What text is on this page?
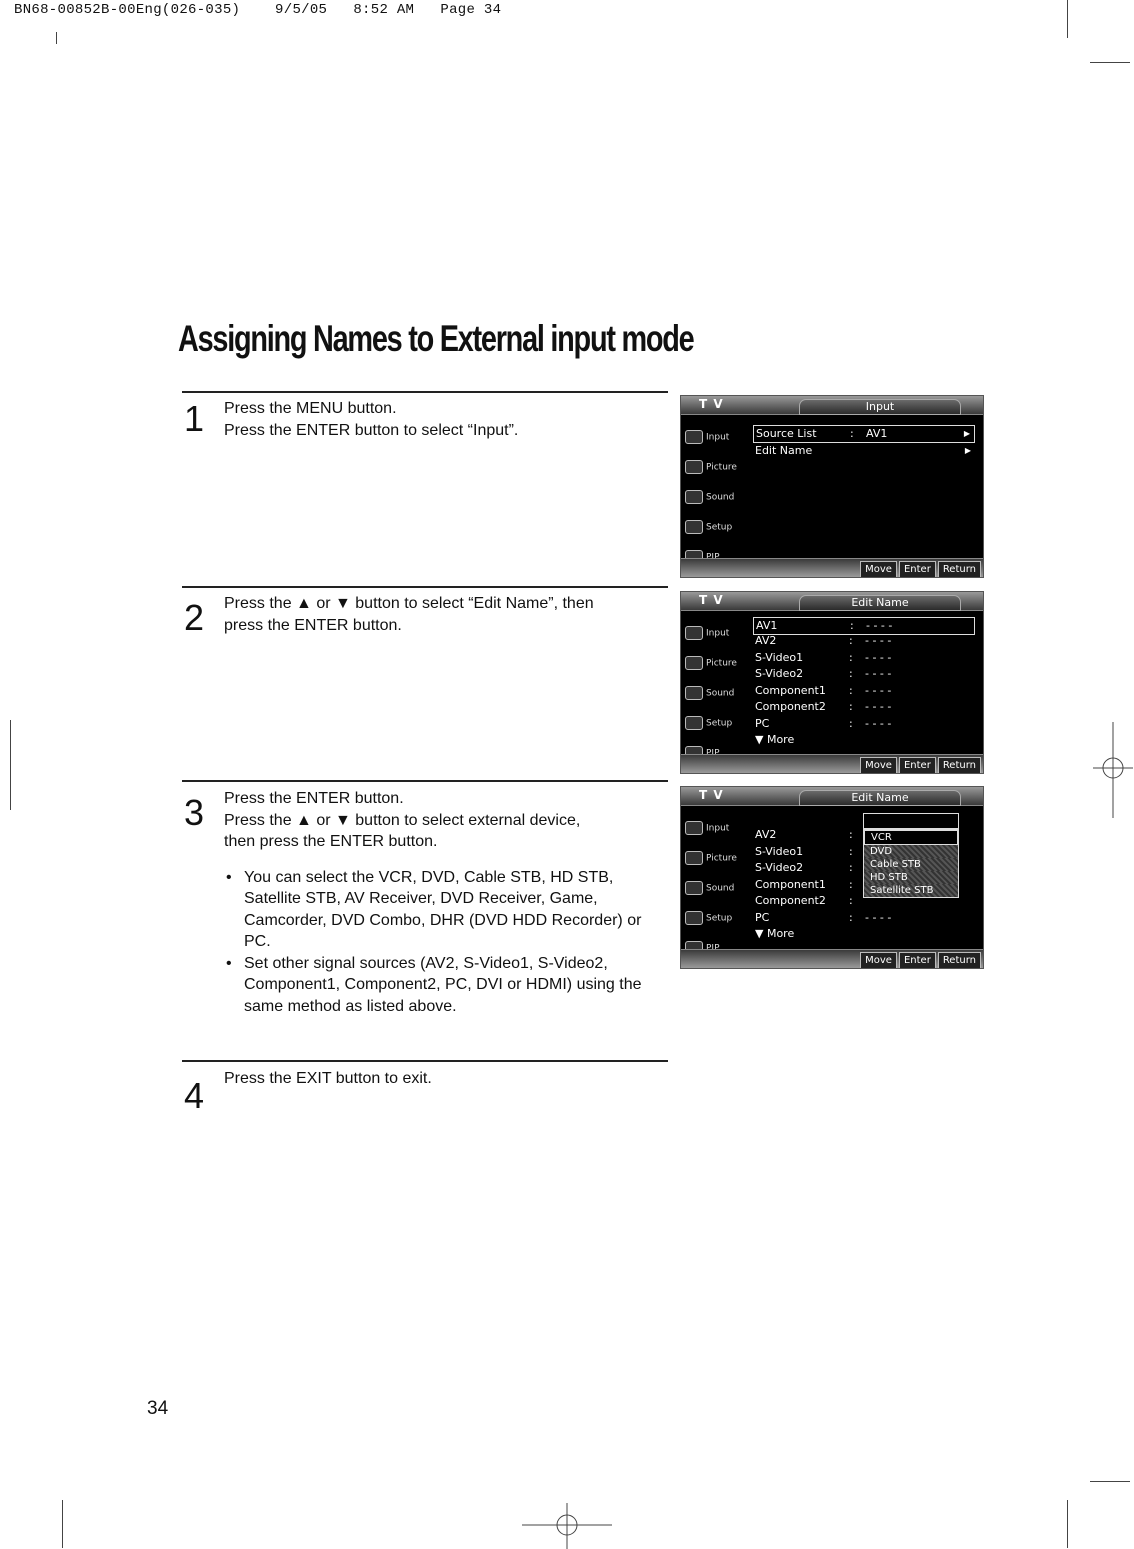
BN68-00852B-00Eng(026-035)    9/5/05   8:52 AM   Page 34
Assigning Names to External input mode
1 Press the MENU button.

Press the ENTER button to select “Input”.

2 Press the ▲ or ▼ button to select “Edit Name”, then

press the ENTER button.

3 Press the ENTER button.

Press the ▲ or ▼ button to select external device,

then press the ENTER button.

• You can select the VCR, DVD, Cable STB, HD STB, Satellite STB, AV Receiver, DVD Receiver, Game, Camcorder, DVD Combo, DHR (DVD HDD Recorder) or PC.
• Set other signal sources (AV2, S-Video1, S-Video2, Component1, Component2, PC, DVI or HDMI) using the same method as listed above.
4 Press the EXIT button to exit.

T V	Input
Input
Picture
Sound
Setup
Source List	: AV1	▶
Edit Name	▶
Move Enter Return
T V	Edit Name
Input
Picture
Sound
Setup
AV1	: - - - -
AV2	: - - - -
S-Video1	: - - - -
S-Video2	: - - - -
Component1 : - - - -
Component2 : - - - -
PC	: - - - -
▼ More
Move Enter Return
T V	Edit Name
Input
Picture
Sound
Setup
AV2	:
S-Video1	:
S-Video2	:
Component1 :
Component2 :
PC	: - - - -
▼ More
VCR
DVD
Cable STB
HD STB
Satellite STB
Move Enter Return
34
